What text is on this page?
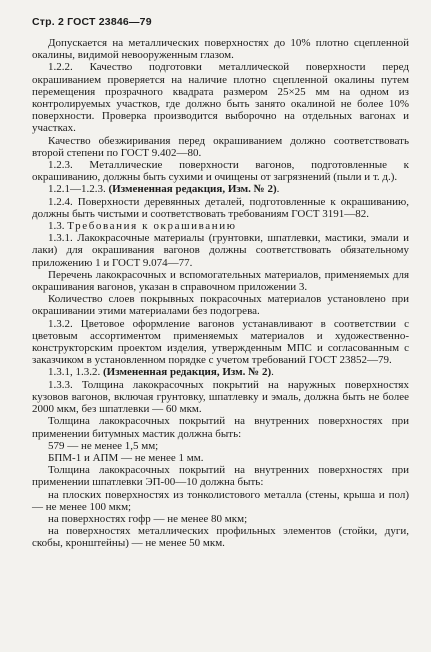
Стр. 2 ГОСТ 23846—79

Допускается на металлических поверхностях до 10% плотно сцепленной окалины, видимой невооруженным глазом.

1.2.2. Качество подготовки металлической поверхности перед окрашиванием проверяется на наличие плотно сцепленной окалины путем перемещения прозрачного квадрата размером 25×25 мм на одном из контролируемых участков, где должно быть занято окалиной не более 10% поверхности. Проверка производится выборочно на отдельных вагонах и участках.

Качество обезжиривания перед окрашиванием должно соответствовать второй степени по ГОСТ 9.402—80.

1.2.3. Металлические поверхности вагонов, подготовленные к окрашиванию, должны быть сухими и очищены от загрязнений (пыли и т. д.).

1.2.1—1.2.3. (Измененная редакция, Изм. № 2).

1.2.4. Поверхности деревянных деталей, подготовленные к окрашиванию, должны быть чистыми и соответствовать требованиям ГОСТ 3191—82.

1.3. Требования к окрашиванию

1.3.1. Лакокрасочные материалы (грунтовки, шпатлевки, мастики, эмали и лаки) для окрашивания вагонов должны соответствовать обязательному приложению 1 и ГОСТ 9.074—77.

Перечень лакокрасочных и вспомогательных материалов, применяемых для окрашивания вагонов, указан в справочном приложении 3.

Количество слоев покрывных покрасочных материалов установлено при окрашивании этими материалами без подогрева.

1.3.2. Цветовое оформление вагонов устанавливают в соответствии с цветовым ассортиментом применяемых материалов и художественно-конструкторским проектом изделия, утвержденным МПС и согласованным с заказчиком в установленном порядке с учетом требований ГОСТ 23852—79.

1.3.1, 1.3.2. (Измененная редакция, Изм. № 2).

1.3.3. Толщина лакокрасочных покрытий на наружных поверхностях кузовов вагонов, включая грунтовку, шпатлевку и эмаль, должна быть не более 2000 мкм, без шпатлевки — 60 мкм.

Толщина лакокрасочных покрытий на внутренних поверхностях при применении битумных мастик должна быть:

579 — не менее 1,5 мм;

БПМ-1 и АПМ — не менее 1 мм.

Толщина лакокрасочных покрытий на внутренних поверхностях при применении шпатлевки ЭП-00—10 должна быть:

на плоских поверхностях из тонколистового металла (стены, крыша и пол) — не менее 100 мкм;

на поверхностях гофр — не менее 80 мкм;

на поверхностях металлических профильных элементов (стойки, дуги, скобы, кронштейны) — не менее 50 мкм.
